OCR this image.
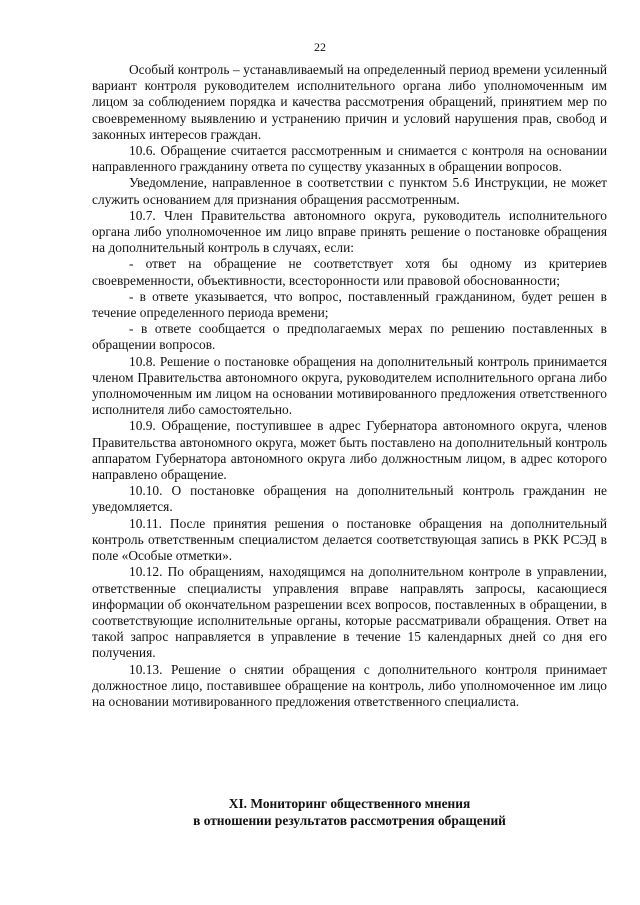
22

Особый контроль – устанавливаемый на определенный период времени усиленный вариант контроля руководителем исполнительного органа либо уполномоченным им лицом за соблюдением порядка и качества рассмотрения обращений, принятием мер по своевременному выявлению и устранению причин и условий нарушения прав, свобод и законных интересов граждан.

10.6. Обращение считается рассмотренным и снимается с контроля на основании направленного гражданину ответа по существу указанных в обращении вопросов.

Уведомление, направленное в соответствии с пунктом 5.6 Инструкции, не может служить основанием для признания обращения рассмотренным.

10.7. Член Правительства автономного округа, руководитель исполнительного органа либо уполномоченное им лицо вправе принять решение о постановке обращения на дополнительный контроль в случаях, если:

- ответ на обращение не соответствует хотя бы одному из критериев своевременности, объективности, всесторонности или правовой обоснованности;

- в ответе указывается, что вопрос, поставленный гражданином, будет решен в течение определенного периода времени;

- в ответе сообщается о предполагаемых мерах по решению поставленных в обращении вопросов.

10.8. Решение о постановке обращения на дополнительный контроль принимается членом Правительства автономного округа, руководителем исполнительного органа либо уполномоченным им лицом на основании мотивированного предложения ответственного исполнителя либо самостоятельно.

10.9. Обращение, поступившее в адрес Губернатора автономного округа, членов Правительства автономного округа, может быть поставлено на дополнительный контроль аппаратом Губернатора автономного округа либо должностным лицом, в адрес которого направлено обращение.

10.10. О постановке обращения на дополнительный контроль гражданин не уведомляется.

10.11. После принятия решения о постановке обращения на дополнительный контроль ответственным специалистом делается соответствующая запись в РКК РСЭД в поле «Особые отметки».

10.12. По обращениям, находящимся на дополнительном контроле в управлении, ответственные специалисты управления вправе направлять запросы, касающиеся информации об окончательном разрешении всех вопросов, поставленных в обращении, в соответствующие исполнительные органы, которые рассматривали обращения. Ответ на такой запрос направляется в управление в течение 15 календарных дней со дня его получения.

10.13. Решение о снятии обращения с дополнительного контроля принимает должностное лицо, поставившее обращение на контроль, либо уполномоченное им лицо на основании мотивированного предложения ответственного специалиста.

XI. Мониторинг общественного мнения
в отношении результатов рассмотрения обращений
